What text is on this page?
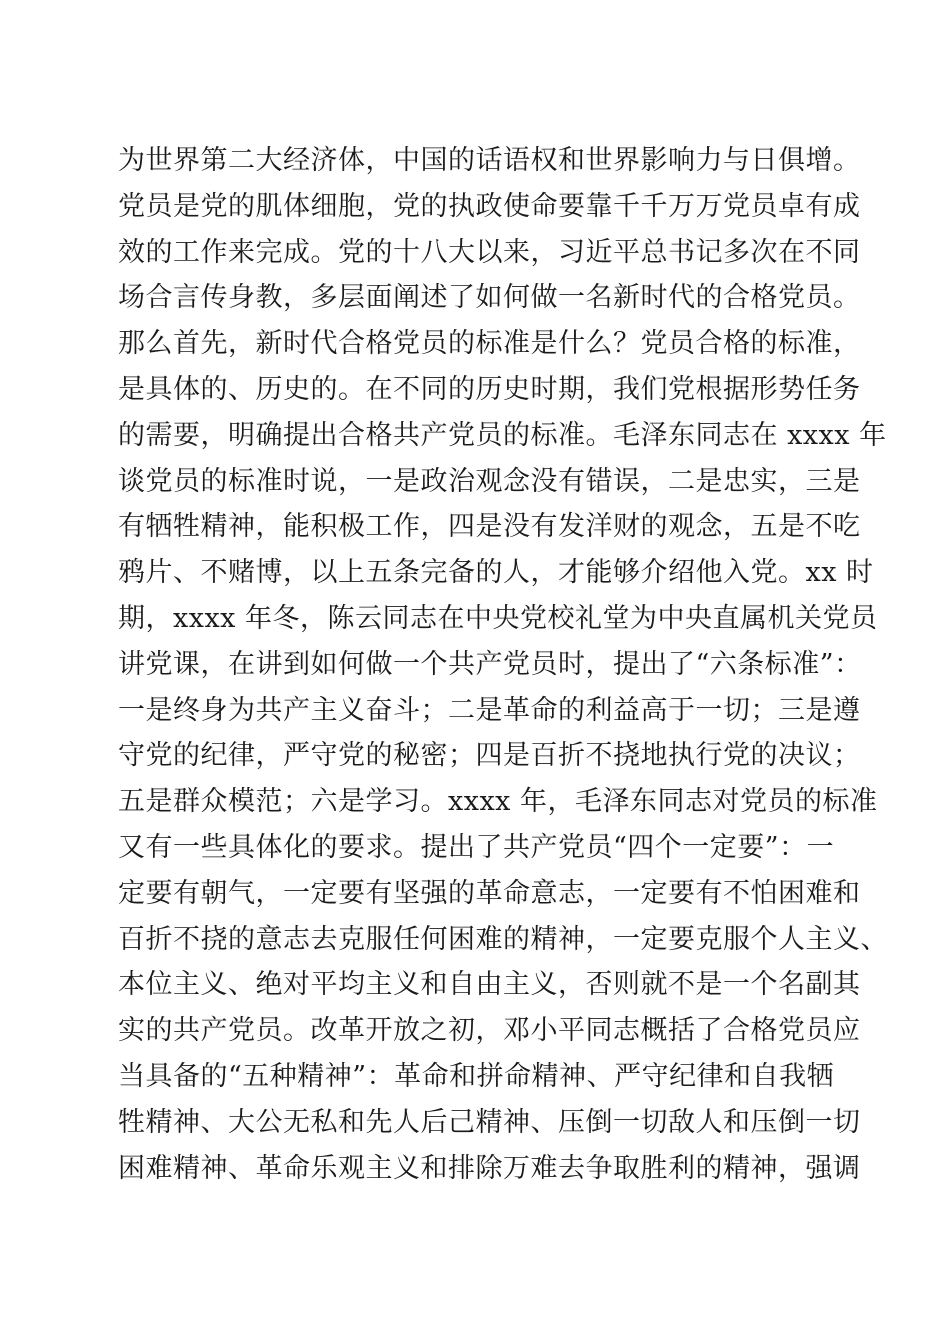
为世界第二大经济体，中国的话语权和世界影响力与日俱增。
党员是党的肌体细胞，党的执政使命要靠千千万万党员卓有成
效的工作来完成。党的十八大以来，习近平总书记多次在不同
场合言传身教，多层面阐述了如何做一名新时代的合格党员。
那么首先，新时代合格党员的标准是什么？党员合格的标准，
是具体的、历史的。在不同的历史时期，我们党根据形势任务
的需要，明确提出合格共产党员的标准。毛泽东同志在 xxxx 年
谈党员的标准时说，一是政治观念没有错误，二是忠实，三是
有牺牲精神，能积极工作，四是没有发洋财的观念，五是不吃
鸦片、不赌博，以上五条完备的人，才能够介绍他入党。xx 时
期，xxxx 年冬，陈云同志在中央党校礼堂为中央直属机关党员
讲党课，在讲到如何做一个共产党员时，提出了“六条标准”：
一是终身为共产主义奋斗；二是革命的利益高于一切；三是遵
守党的纪律，严守党的秘密；四是百折不挠地执行党的决议；
五是群众模范；六是学习。xxxx 年，毛泽东同志对党员的标准
又有一些具体化的要求。提出了共产党员“四个一定要”：一
定要有朝气，一定要有坚强的革命意志，一定要有不怕困难和
百折不挠的意志去克服任何困难的精神，一定要克服个人主义、
本位主义、绝对平均主义和自由主义，否则就不是一个名副其
实的共产党员。改革开放之初，邓小平同志概括了合格党员应
当具备的“五种精神”：革命和拼命精神、严守纪律和自我牺
牲精神、大公无私和先人后己精神、压倒一切敌人和压倒一切
困难精神、革命乐观主义和排除万难去争取胜利的精神，强调
